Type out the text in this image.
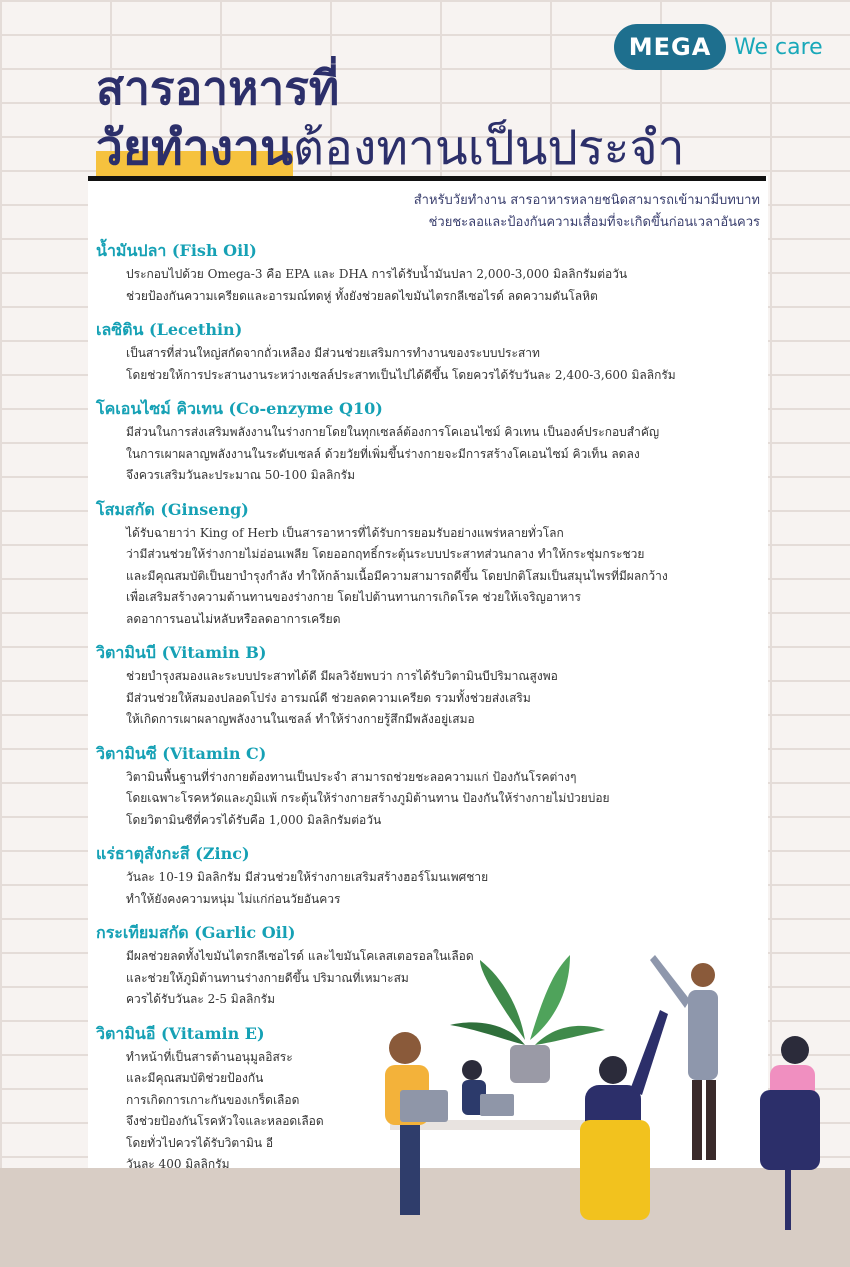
MEGA	We care
สารอาหารที่
วัยทำงานต้องทานเป็นประจำ
สำหรับวัยทำงาน สารอาหารหลายชนิดสามารถเข้ามามีบทบาท
ช่วยชะลอและป้องกันความเสื่อมที่จะเกิดขึ้นก่อนเวลาอันควร
น้ำมันปลา (Fish Oil)

ประกอบไปด้วย Omega-3 คือ EPA และ DHA การได้รับน้ำมันปลา 2,000-3,000 มิลลิกรัมต่อวัน

ช่วยป้องกันความเครียดและอารมณ์ทดหู่ ทั้งยังช่วยลดไขมันไตรกลีเซอไรด์ ลดความดันโลหิต

เลซิติน (Lecethin)

เป็นสารที่ส่วนใหญ่สกัดจากถั่วเหลือง มีส่วนช่วยเสริมการทำงานของระบบประสาท

โดยช่วยให้การประสานงานระหว่างเซลล์ประสาทเป็นไปได้ดีขึ้น โดยควรได้รับวันละ 2,400-3,600 มิลลิกรัม

โคเอนไซม์ คิวเทน (Co-enzyme Q10)

มีส่วนในการส่งเสริมพลังงานในร่างกายโดยในทุกเซลล์ต้องการโคเอนไซม์ คิวเทน เป็นองค์ประกอบสำคัญ

ในการเผาผลาญพลังงานในระดับเซลล์ ด้วยวัยที่เพิ่มขึ้นร่างกายจะมีการสร้างโคเอนไซม์ คิวเท็น ลดลง

จึงควรเสริมวันละประมาณ 50-100 มิลลิกรัม

โสมสกัด (Ginseng)

ได้รับฉายาว่า King of Herb เป็นสารอาหารที่ได้รับการยอมรับอย่างแพร่หลายทั่วโลก

ว่ามีส่วนช่วยให้ร่างกายไม่อ่อนเพลีย โดยออกฤทธิ์กระตุ้นระบบประสาทส่วนกลาง ทำให้กระชุ่มกระชวย

และมีคุณสมบัติเป็นยาบำรุงกำลัง ทำให้กล้ามเนื้อมีความสามารถดีขึ้น โดยปกติโสมเป็นสมุนไพรที่มีผลกว้าง

เพื่อเสริมสร้างความต้านทานของร่างกาย โดยไปต้านทานการเกิดโรค ช่วยให้เจริญอาหาร

ลดอาการนอนไม่หลับหรือลดอาการเครียด

วิตามินบี (Vitamin B)

ช่วยบำรุงสมองและระบบประสาทได้ดี มีผลวิจัยพบว่า การได้รับวิตามินบีปริมาณสูงพอ

มีส่วนช่วยให้สมองปลอดโปร่ง อารมณ์ดี ช่วยลดความเครียด รวมทั้งช่วยส่งเสริม

ให้เกิดการเผาผลาญพลังงานในเซลล์ ทำให้ร่างกายรู้สึกมีพลังอยู่เสมอ

วิตามินซี (Vitamin C)

วิตามินพื้นฐานที่ร่างกายต้องทานเป็นประจำ สามารถช่วยชะลอความแก่ ป้องกันโรคต่างๆ

โดยเฉพาะโรคหวัดและภูมิแพ้ กระตุ้นให้ร่างกายสร้างภูมิต้านทาน ป้องกันให้ร่างกายไม่ป่วยบ่อย

โดยวิตามินซีที่ควรได้รับคือ 1,000 มิลลิกรัมต่อวัน

แร่ธาตุสังกะสี (Zinc)

วันละ 10-19 มิลลิกรัม มีส่วนช่วยให้ร่างกายเสริมสร้างฮอร์โมนเพศชาย

ทำให้ยังคงความหนุ่ม ไม่แก่ก่อนวัยอันควร

กระเทียมสกัด (Garlic Oil)

มีผลช่วยลดทั้งไขมันไตรกลีเซอไรด์ และไขมันโคเลสเตอรอลในเลือด

และช่วยให้ภูมิต้านทานร่างกายดีขึ้น ปริมาณที่เหมาะสม

ควรได้รับวันละ 2-5 มิลลิกรัม

วิตามินอี (Vitamin E)

ทำหน้าที่เป็นสารต้านอนุมูลอิสระ

และมีคุณสมบัติช่วยป้องกัน

การเกิดการเกาะกันของเกร็ดเลือด

จึงช่วยป้องกันโรคหัวใจและหลอดเลือด

โดยทั่วไปควรได้รับวิตามิน อี

วันละ 400 มิลลิกรัม
